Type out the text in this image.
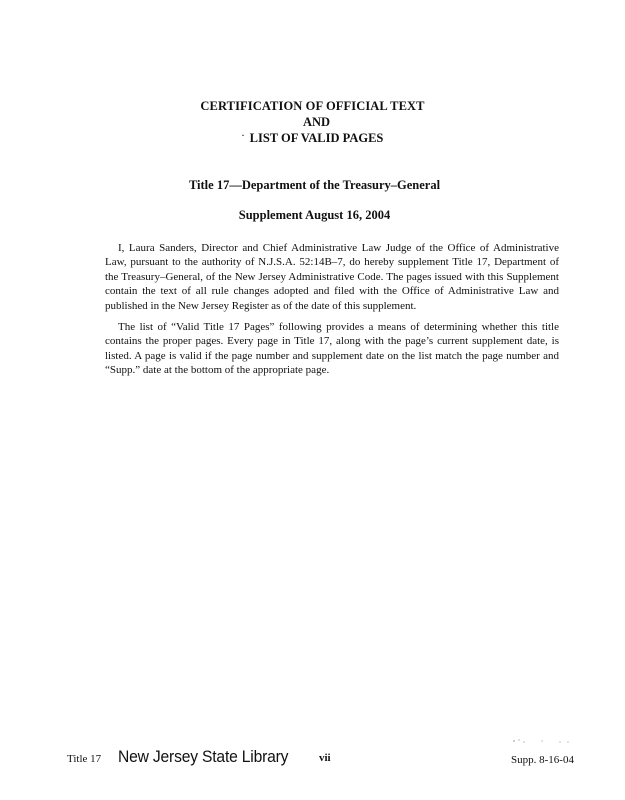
CERTIFICATION OF OFFICIAL TEXT
AND
· LIST OF VALID PAGES
Title 17—Department of the Treasury–General
Supplement August 16, 2004

I, Laura Sanders, Director and Chief Administrative Law Judge of the Office of Administrative Law, pursuant to the authority of N.J.S.A. 52:14B–7, do hereby supplement Title 17, Department of the Treasury–General, of the New Jersey Administrative Code. The pages issued with this Supplement contain the text of all rule changes adopted and filed with the Office of Administrative Law and published in the New Jersey Register as of the date of this supplement.

The list of “Valid Title 17 Pages” following provides a means of determining whether this title contains the proper pages. Every page in Title 17, along with the page’s current supplement date, is listed. A page is valid if the page number and supplement date on the list match the page number and “Supp.” date at the bottom of the appropriate page.

Title 17 New Jersey State Library	vii	Supp. 8-16-04
